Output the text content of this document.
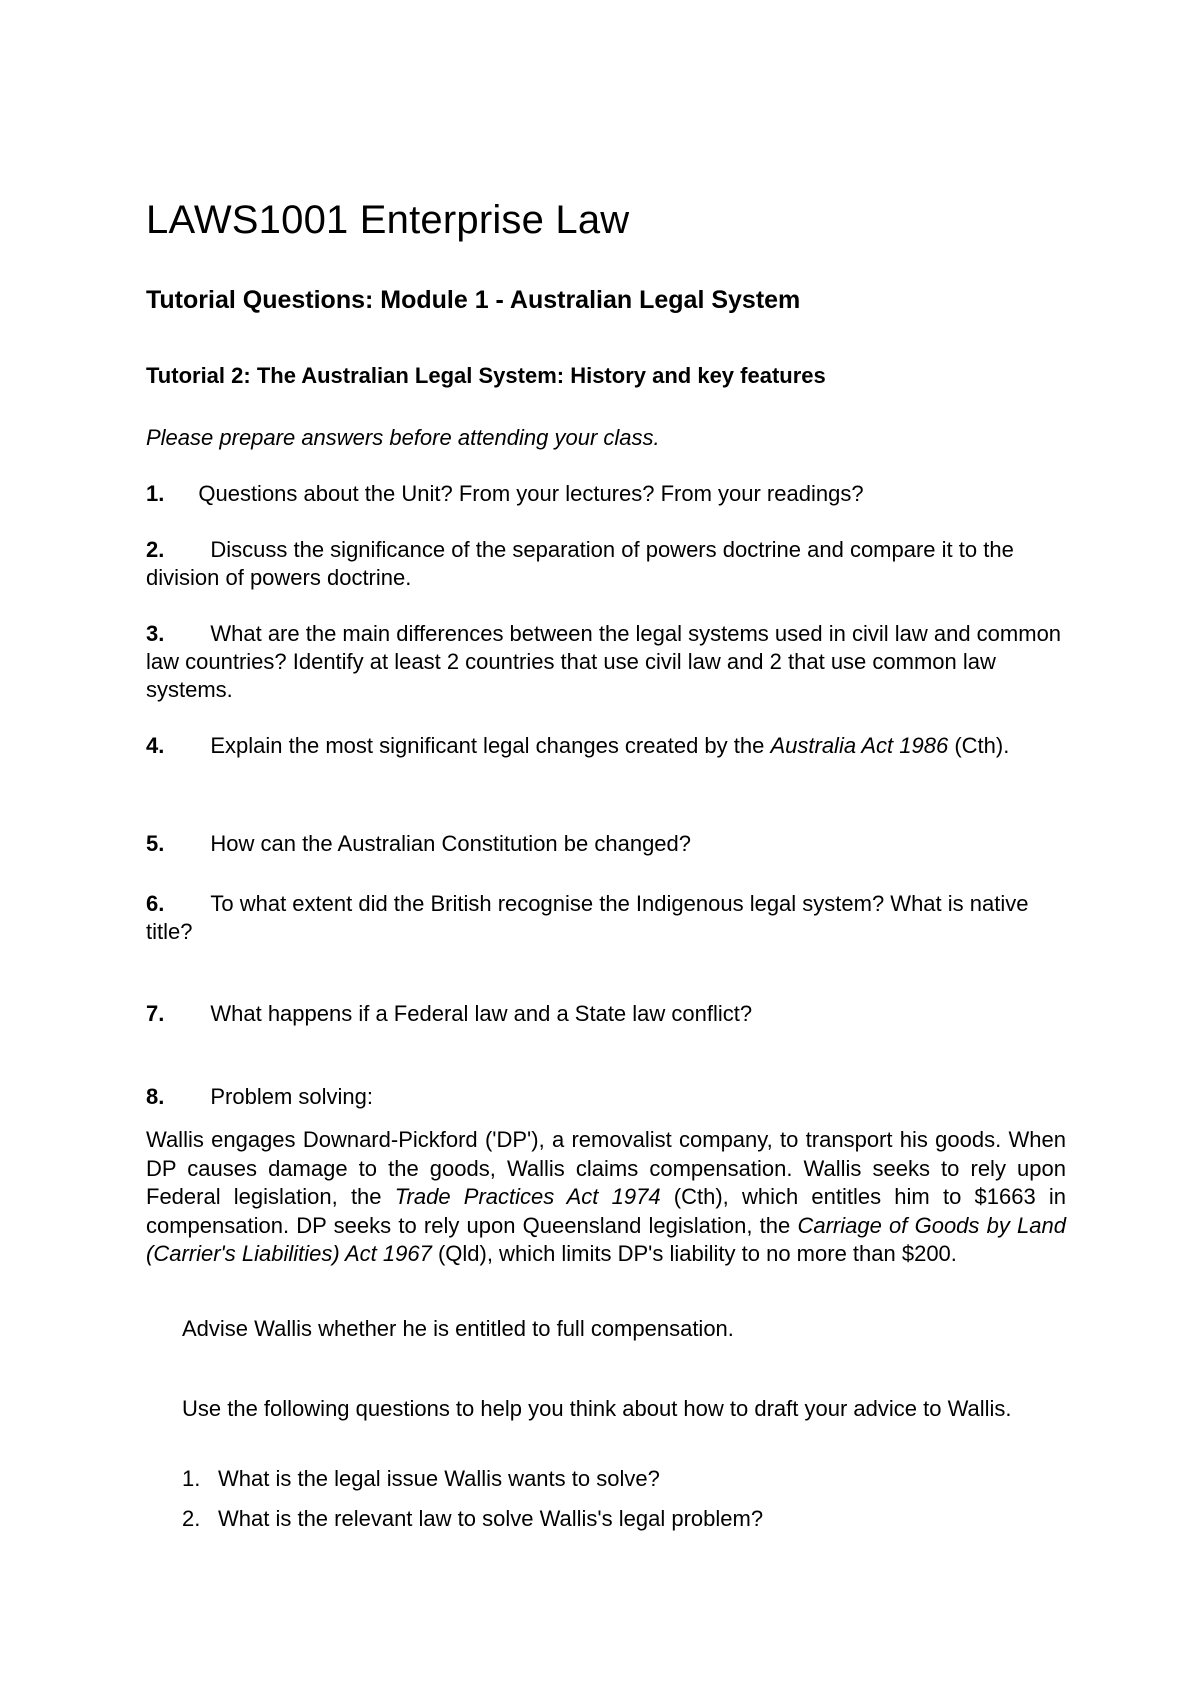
LAWS1001 Enterprise Law
Tutorial Questions: Module 1 - Australian Legal System
Tutorial 2: The Australian Legal System: History and key features
Please prepare answers before attending your class.
1. Questions about the Unit? From your lectures? From your readings?
2. Discuss the significance of the separation of powers doctrine and compare it to the division of powers doctrine.
3. What are the main differences between the legal systems used in civil law and common law countries? Identify at least 2 countries that use civil law and 2 that use common law systems.
4. Explain the most significant legal changes created by the Australia Act 1986 (Cth).
5. How can the Australian Constitution be changed?
6. To what extent did the British recognise the Indigenous legal system? What is native title?
7. What happens if a Federal law and a State law conflict?
8. Problem solving:
Wallis engages Downard-Pickford ('DP'), a removalist company, to transport his goods. When DP causes damage to the goods, Wallis claims compensation. Wallis seeks to rely upon Federal legislation, the Trade Practices Act 1974 (Cth), which entitles him to $1663 in compensation. DP seeks to rely upon Queensland legislation, the Carriage of Goods by Land (Carrier's Liabilities) Act 1967 (Qld), which limits DP's liability to no more than $200.
Advise Wallis whether he is entitled to full compensation.
Use the following questions to help you think about how to draft your advice to Wallis.
1. What is the legal issue Wallis wants to solve?
2. What is the relevant law to solve Wallis's legal problem?
